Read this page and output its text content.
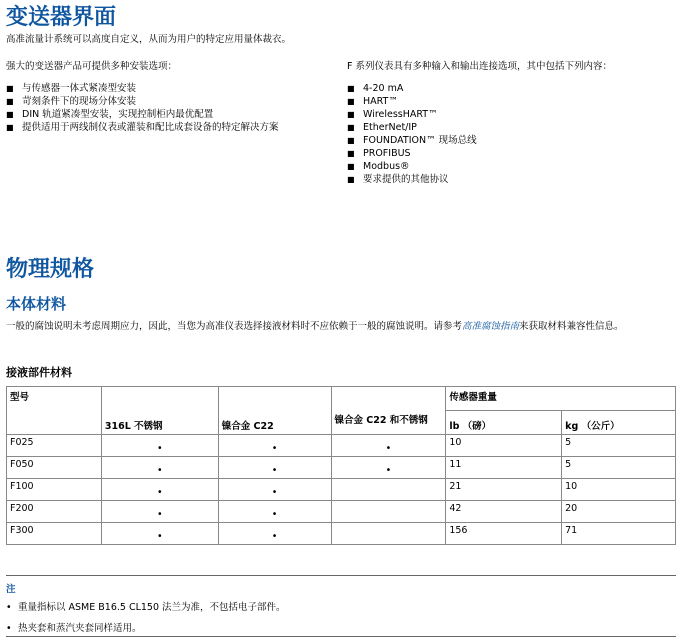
变送器界面
高准流量计系统可以高度自定义，从而为用户的特定应用量体裁衣。
强大的变送器产品可提供多种安装选项：
■ 与传感器一体式紧凑型安装
■ 苛刻条件下的现场分体安装
■ DIN 轨道紧凑型安装，实现控制柜内最优配置
■ 提供适用于两线制仪表或灌装和配比成套设备的特定解决方案
F 系列仪表具有多种输入和输出连接选项，其中包括下列内容：
■ 4-20 mA
■ HART™
■ WirelessHART™
■ EtherNet/IP
■ FOUNDATION™ 现场总线
■ PROFIBUS
■ Modbus®
■ 要求提供的其他协议
物理规格
本体材料
一般的腐蚀说明未考虑周期应力，因此，当您为高准仪表选择接液材料时不应依赖于一般的腐蚀说明。请参考高准腐蚀指南来获取材料兼容性信息。
接液部件材料
型号	316L 不锈钢	镍合金 C22	镍合金 C22 和不锈钢	传感器重量	
				lb （磅）	kg （公斤）
F025	•	•	•	10	5
F050	•	•	•	11	5
F100	•	•		21	10
F200	•	•		42	20
F300	•	•		156	71
注
• 重量指标以 ASME B16.5 CL150 法兰为准，不包括电子部件。
• 热夹套和蒸汽夹套同样适用。
